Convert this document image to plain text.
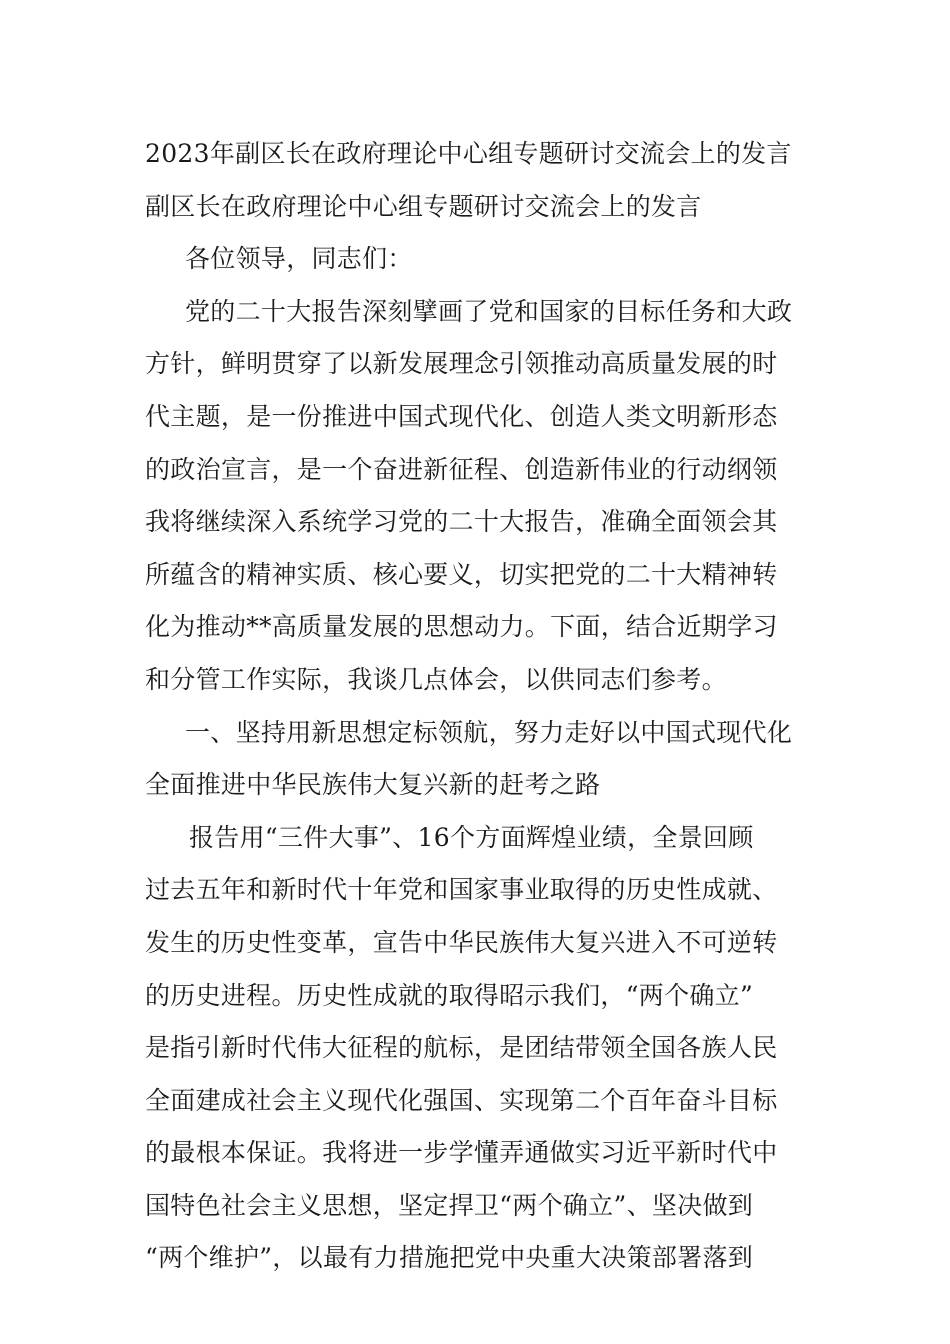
2023年副区长在政府理论中心组专题研讨交流会上的发言
副区长在政府理论中心组专题研讨交流会上的发言
各位领导，同志们：
党的二十大报告深刻擘画了党和国家的目标任务和大政
方针，鲜明贯穿了以新发展理念引领推动高质量发展的时
代主题，是一份推进中国式现代化、创造人类文明新形态
的政治宣言，是一个奋进新征程、创造新伟业的行动纲领
我将继续深入系统学习党的二十大报告，准确全面领会其
所蕴含的精神实质、核心要义，切实把党的二十大精神转
化为推动**高质量发展的思想动力。下面，结合近期学习
和分管工作实际，我谈几点体会，以供同志们参考。
一、坚持用新思想定标领航，努力走好以中国式现代化
全面推进中华民族伟大复兴新的赶考之路
报告用“三件大事”、16个方面辉煌业绩，全景回顾
过去五年和新时代十年党和国家事业取得的历史性成就、
发生的历史性变革，宣告中华民族伟大复兴进入不可逆转
的历史进程。历史性成就的取得昭示我们，“两个确立”
是指引新时代伟大征程的航标，是团结带领全国各族人民
全面建成社会主义现代化强国、实现第二个百年奋斗目标
的最根本保证。我将进一步学懂弄通做实习近平新时代中
国特色社会主义思想，坚定捍卫“两个确立”、坚决做到
“两个维护”，以最有力措施把党中央重大决策部署落到
